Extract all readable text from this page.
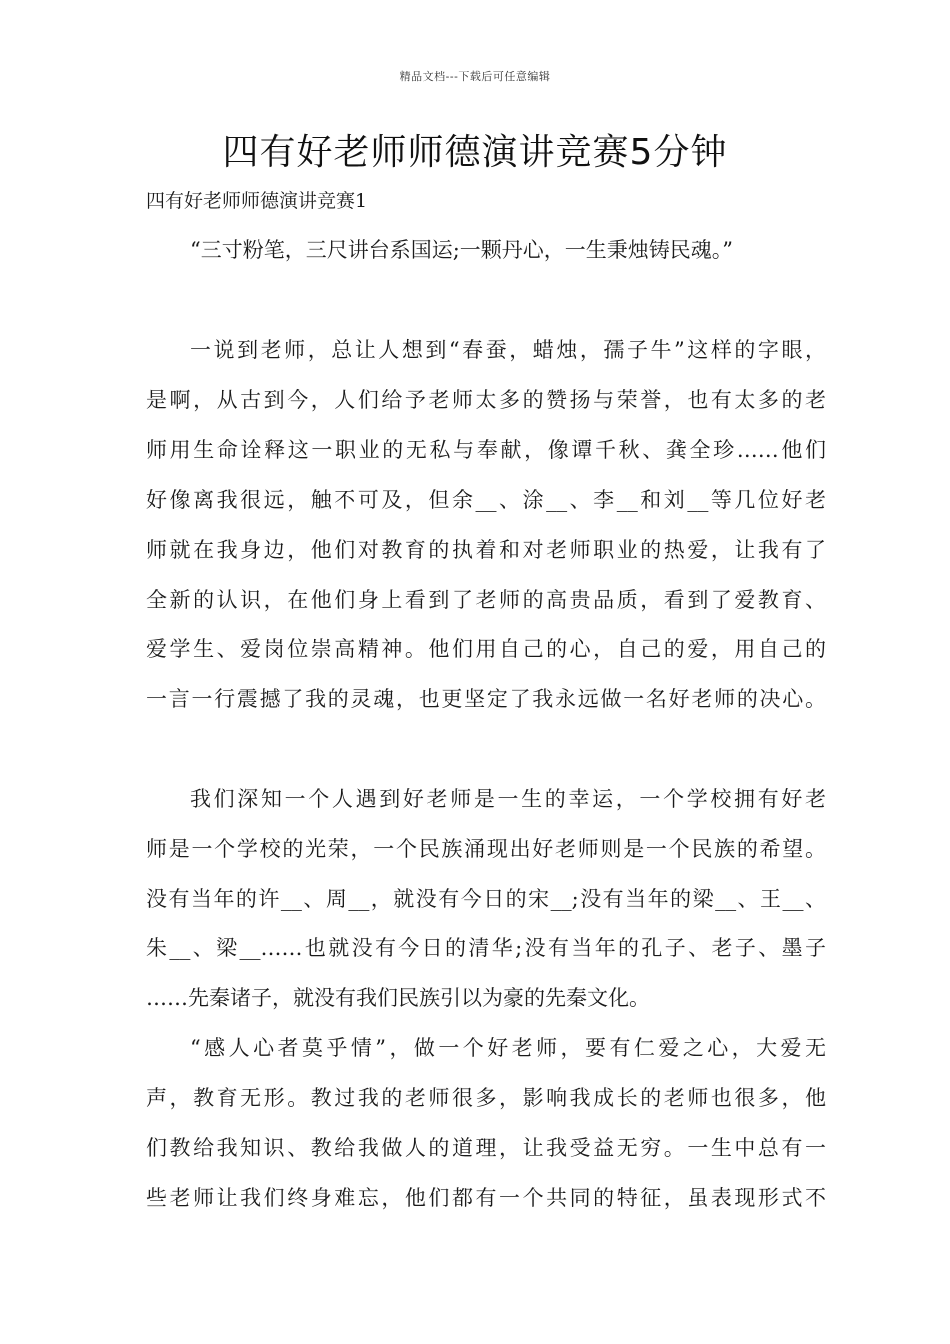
精品文档---下载后可任意编辑
四有好老师师德演讲竞赛5分钟
四有好老师师德演讲竞赛1
“三寸粉笔，三尺讲台系国运;一颗丹心，一生秉烛铸民魂。”
一说到老师，总让人想到“春蚕，蜡烛，孺子牛”这样的字眼，
是啊，从古到今，人们给予老师太多的赞扬与荣誉，也有太多的老
师用生命诠释这一职业的无私与奉献，像谭千秋、龚全珍……他们
好像离我很远，触不可及，但余__、涂__、李__和刘__等几位好老
师就在我身边，他们对教育的执着和对老师职业的热爱，让我有了
全新的认识，在他们身上看到了老师的高贵品质，看到了爱教育、
爱学生、爱岗位崇高精神。他们用自己的心，自己的爱，用自己的
一言一行震撼了我的灵魂，也更坚定了我永远做一名好老师的决心。
我们深知一个人遇到好老师是一生的幸运，一个学校拥有好老
师是一个学校的光荣，一个民族涌现出好老师则是一个民族的希望。
没有当年的许__、周__，就没有今日的宋__;没有当年的梁__、王__、
朱__、梁__……也就没有今日的清华;没有当年的孔子、老子、墨子
……先秦诸子，就没有我们民族引以为豪的先秦文化。
“感人心者莫乎情”，做一个好老师，要有仁爱之心，大爱无
声，教育无形。教过我的老师很多，影响我成长的老师也很多，他
们教给我知识、教给我做人的道理，让我受益无穷。一生中总有一
些老师让我们终身难忘，他们都有一个共同的特征，虽表现形式不
